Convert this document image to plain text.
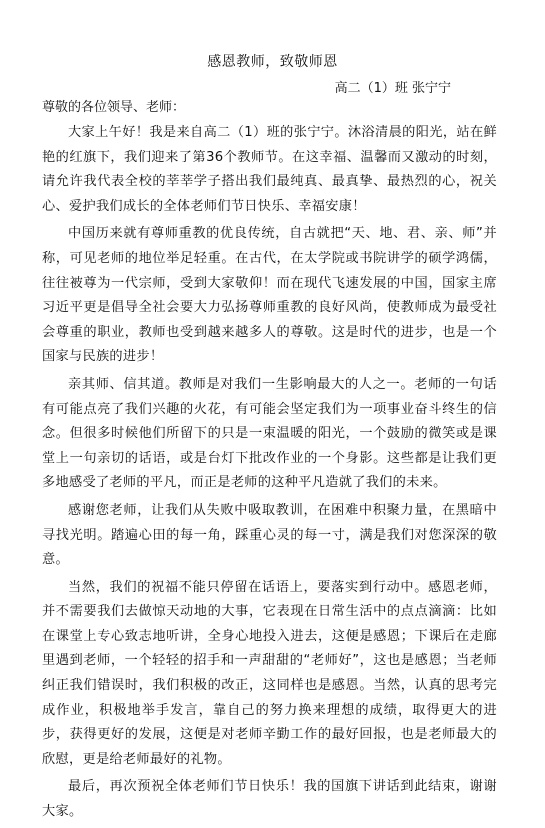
感恩教师，致敬师恩
高二（1）班 张宁宁
尊敬的各位领导、老师：

大家上午好！我是来自高二（1）班的张宁宁。沐浴清晨的阳光，站在鲜艳的红旗下，我们迎来了第36个教师节。在这幸福、温馨而又激动的时刻，请允许我代表全校的莘莘学子搭出我们最纯真、最真挚、最热烈的心，祝关心、爱护我们成长的全体老师们节日快乐、幸福安康！

中国历来就有尊师重教的优良传统，自古就把“天、地、君、亲、师”并称，可见老师的地位举足轻重。在古代，在太学院或书院讲学的硕学鸿儒，往往被尊为一代宗师，受到大家敬仰！而在现代飞速发展的中国，国家主席习近平更是倡导全社会要大力弘扬尊师重教的良好风尚，使教师成为最受社会尊重的职业，教师也受到越来越多人的尊敬。这是时代的进步，也是一个国家与民族的进步！

亲其师、信其道。教师是对我们一生影响最大的人之一。老师的一句话有可能点亮了我们兴趣的火花，有可能会坚定我们为一项事业奋斗终生的信念。但很多时候他们所留下的只是一束温暖的阳光，一个鼓励的微笑或是课堂上一句亲切的话语，或是台灯下批改作业的一个身影。这些都是让我们更多地感受了老师的平凡，而正是老师的这种平凡造就了我们的未来。

感谢您老师，让我们从失败中吸取教训，在困难中积聚力量，在黑暗中寻找光明。踏遍心田的每一角，踩重心灵的每一寸，满是我们对您深深的敬意。

当然，我们的祝福不能只停留在话语上，要落实到行动中。感恩老师，并不需要我们去做惊天动地的大事，它表现在日常生活中的点点滴滴：比如在课堂上专心致志地听讲，全身心地投入进去，这便是感恩；下课后在走廊里遇到老师，一个轻轻的招手和一声甜甜的“老师好”，这也是感恩；当老师纠正我们错误时，我们积极的改正，这同样也是感恩。当然，认真的思考完成作业，积极地举手发言，靠自己的努力换来理想的成绩，取得更大的进步，获得更好的发展，这便是对老师辛勤工作的最好回报，也是老师最大的欣慰，更是给老师最好的礼物。

最后，再次预祝全体老师们节日快乐！我的国旗下讲话到此结束，谢谢大家。
